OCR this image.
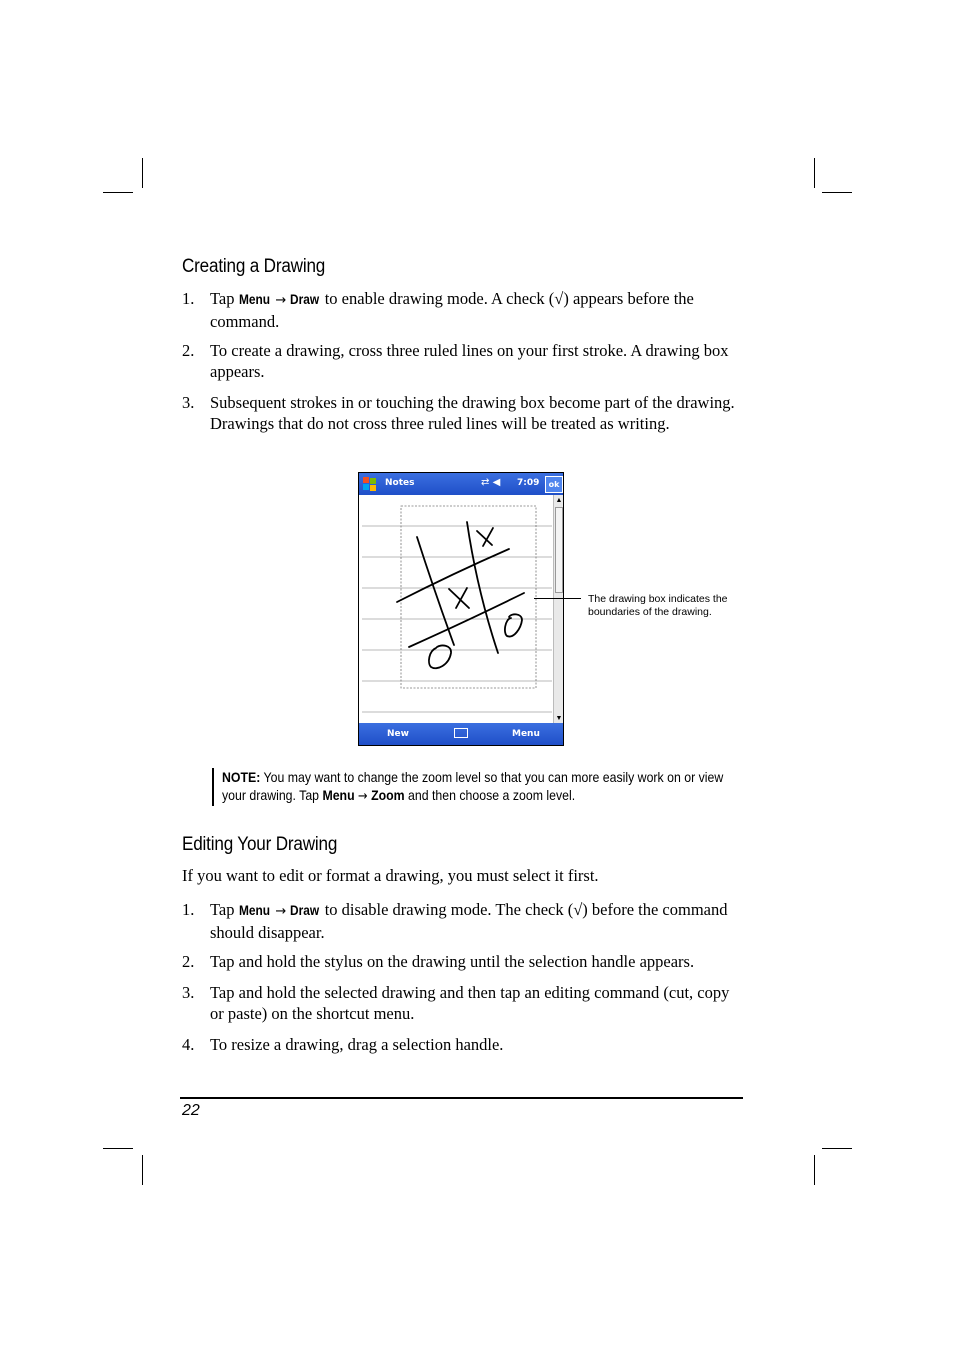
Creating a Drawing
1. Tap Menu → Draw to enable drawing mode. A check (√) appears before the command.
2. To create a drawing, cross three ruled lines on your first stroke. A drawing box appears.
3. Subsequent strokes in or touching the drawing box become part of the drawing. Drawings that do not cross three ruled lines will be treated as writing.
Notes	⇄ ◀ 7:09	ok
▲
▼
New	Menu
The drawing box indicates the boundaries of the drawing.
NOTE: You may want to change the zoom level so that you can more easily work on or view your drawing. Tap Menu → Zoom and then choose a zoom level.
Editing Your Drawing
If you want to edit or format a drawing, you must select it first.
1. Tap Menu → Draw to disable drawing mode. The check (√) before the command should disappear.
2. Tap and hold the stylus on the drawing until the selection handle appears.
3. Tap and hold the selected drawing and then tap an editing command (cut, copy or paste) on the shortcut menu.
4. To resize a drawing, drag a selection handle.
22
